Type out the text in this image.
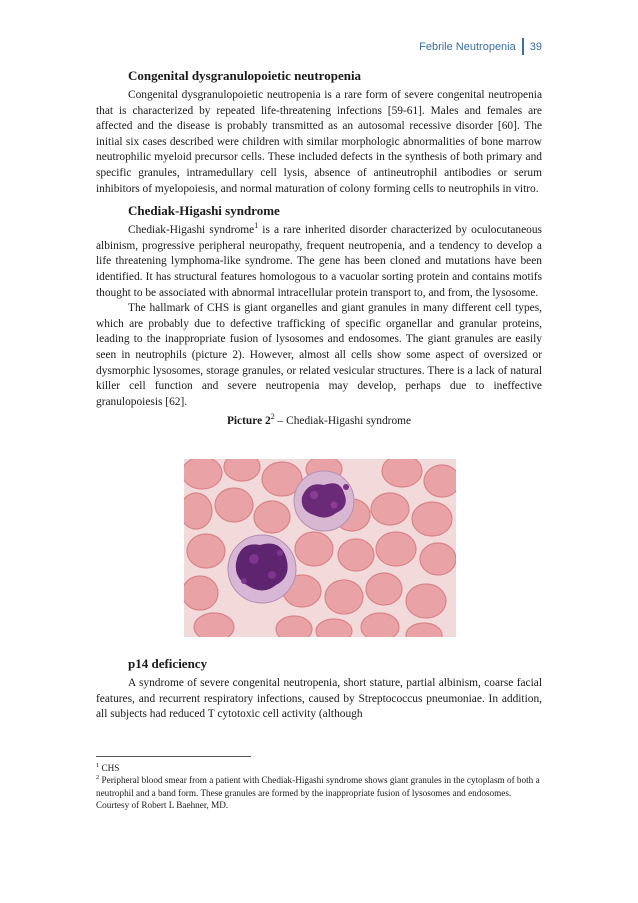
Febrile Neutropenia 39
Congenital dysgranulopoietic neutropenia

Congenital dysgranulopoietic neutropenia is a rare form of severe congenital neutropenia that is characterized by repeated life-threatening infections [59-61]. Males and females are affected and the disease is probably transmitted as an autosomal recessive disorder [60]. The initial six cases described were children with similar morphologic abnormalities of bone marrow neutrophilic myeloid precursor cells. These included defects in the synthesis of both primary and specific granules, intramedullary cell lysis, absence of antineutrophil antibodies or serum inhibitors of myelopoiesis, and normal maturation of colony forming cells to neutrophils in vitro.

Chediak-Higashi syndrome

Chediak-Higashi syndrome$^1$ is a rare inherited disorder characterized by oculocutaneous albinism, progressive peripheral neuropathy, frequent neutropenia, and a tendency to develop a life threatening lymphoma-like syndrome. The gene has been cloned and mutations have been identified. It has structural features homologous to a vacuolar sorting protein and contains motifs thought to be associated with abnormal intracellular protein transport to, and from, the lysosome.

The hallmark of CHS is giant organelles and giant granules in many different cell types, which are probably due to defective trafficking of specific organellar and granular proteins, leading to the inappropriate fusion of lysosomes and endosomes. The giant granules are easily seen in neutrophils (picture 2). However, almost all cells show some aspect of oversized or dysmorphic lysosomes, storage granules, or related vesicular structures. There is a lack of natural killer cell function and severe neutropenia may develop, perhaps due to ineffective granulopoiesis [62].

Picture $2^2$ – Chediak-Higashi syndrome
p14 deficiency

A syndrome of severe congenital neutropenia, short stature, partial albinism, coarse facial features, and recurrent respiratory infections, caused by Streptococcus pneumoniae. In addition, all subjects had reduced T cytotoxic cell activity (although

$^1$ CHS
$^2$ Peripheral blood smear from a patient with Chediak-Higashi syndrome shows giant granules in the cytoplasm of both a neutrophil and a band form. These granules are formed by the inappropriate fusion of lysosomes and endosomes.
Courtesy of Robert L Baehner, MD.
